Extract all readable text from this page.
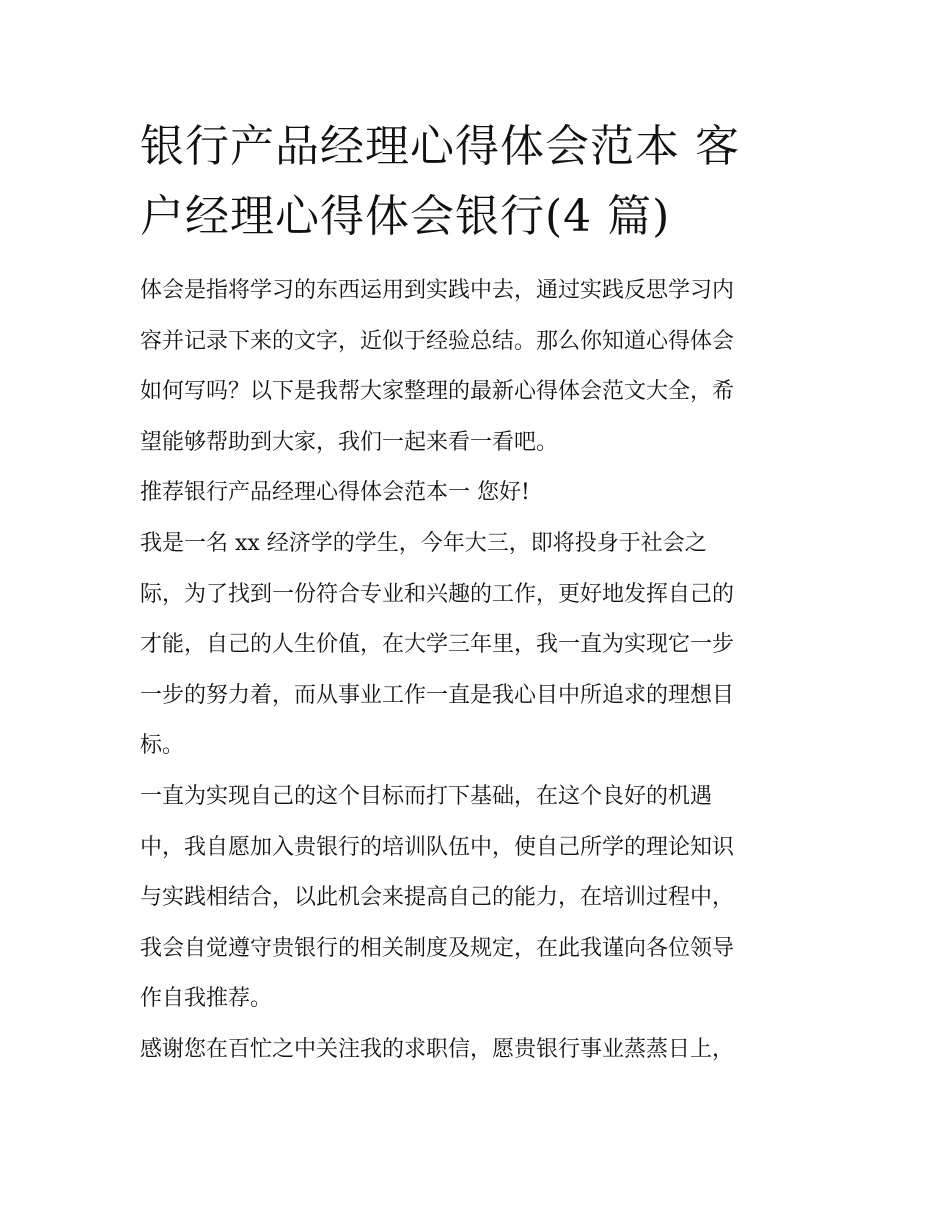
银行产品经理心得体会范本 客
户经理心得体会银行(4 篇)

体会是指将学习的东西运用到实践中去，通过实践反思学习内
容并记录下来的文字，近似于经验总结。那么你知道心得体会
如何写吗？以下是我帮大家整理的最新心得体会范文大全，希
望能够帮助到大家，我们一起来看一看吧。

推荐银行产品经理心得体会范本一 您好!

我是一名 xx 经济学的学生，今年大三，即将投身于社会之
际，为了找到一份符合专业和兴趣的工作，更好地发挥自己的
才能，自己的人生价值，在大学三年里，我一直为实现它一步
一步的努力着，而从事业工作一直是我心目中所追求的理想目
标。

一直为实现自己的这个目标而打下基础，在这个良好的机遇
中，我自愿加入贵银行的培训队伍中，使自己所学的理论知识
与实践相结合，以此机会来提高自己的能力，在培训过程中，
我会自觉遵守贵银行的相关制度及规定，在此我谨向各位领导
作自我推荐。

感谢您在百忙之中关注我的求职信，愿贵银行事业蒸蒸日上，
